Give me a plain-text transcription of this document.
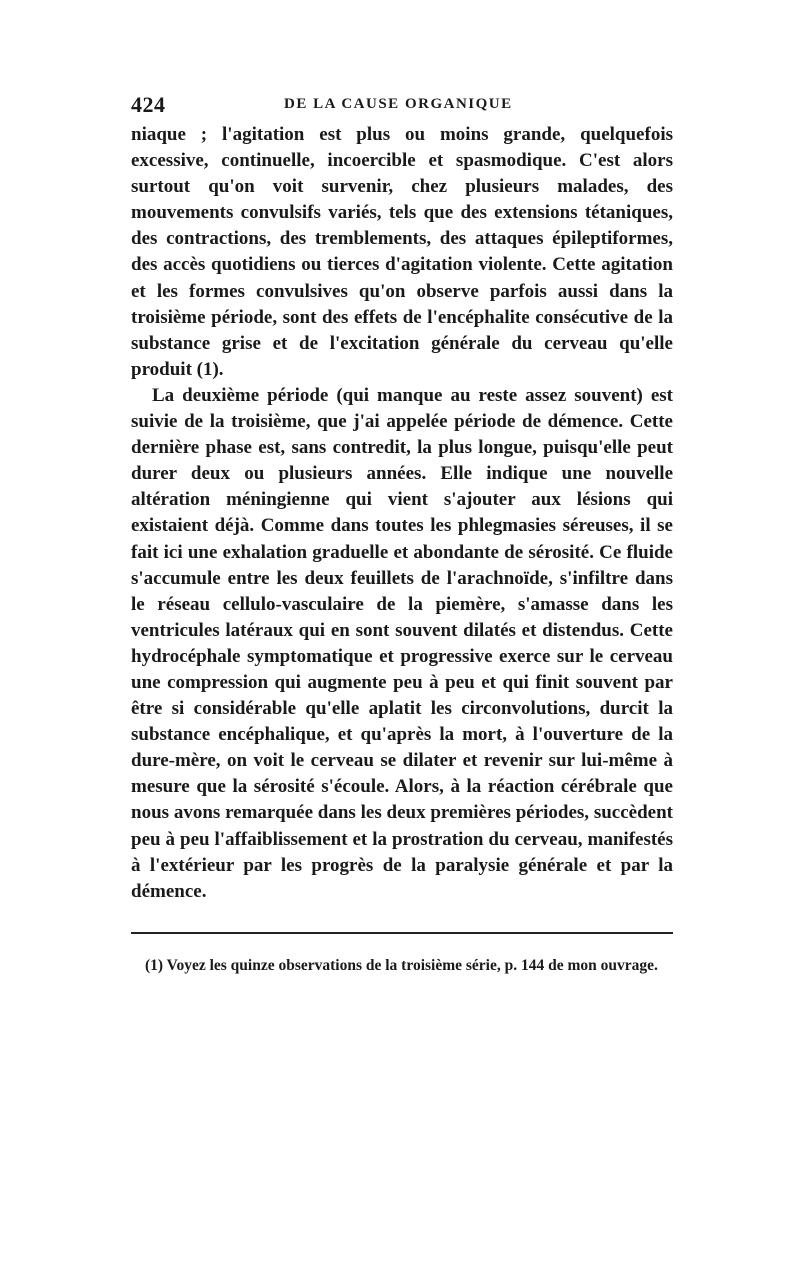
424	DE LA CAUSE ORGANIQUE

niaque ; l'agitation est plus ou moins grande, quelquefois excessive, continuelle, incoercible et spasmodique. C'est alors surtout qu'on voit survenir, chez plusieurs malades, des mouvements convulsifs variés, tels que des extensions tétaniques, des contractions, des tremblements, des attaques épileptiformes, des accès quotidiens ou tierces d'agitation violente. Cette agitation et les formes convulsives qu'on observe parfois aussi dans la troisième période, sont des effets de l'encéphalite consécutive de la substance grise et de l'excitation générale du cerveau qu'elle produit (1).

La deuxième période (qui manque au reste assez souvent) est suivie de la troisième, que j'ai appelée période de démence. Cette dernière phase est, sans contredit, la plus longue, puisqu'elle peut durer deux ou plusieurs années. Elle indique une nouvelle altération méningienne qui vient s'ajouter aux lésions qui existaient déjà. Comme dans toutes les phlegmasies séreuses, il se fait ici une exhalation graduelle et abondante de sérosité. Ce fluide s'accumule entre les deux feuillets de l'arachnoïde, s'infiltre dans le réseau cellulo-vasculaire de la piemère, s'amasse dans les ventricules latéraux qui en sont souvent dilatés et distendus. Cette hydrocéphale symptomatique et progressive exerce sur le cerveau une compression qui augmente peu à peu et qui finit souvent par être si considérable qu'elle aplatit les circonvolutions, durcit la substance encéphalique, et qu'après la mort, à l'ouverture de la dure-mère, on voit le cerveau se dilater et revenir sur lui-même à mesure que la sérosité s'écoule. Alors, à la réaction cérébrale que nous avons remarquée dans les deux premières périodes, succèdent peu à peu l'affaiblissement et la prostration du cerveau, manifestés à l'extérieur par les progrès de la paralysie générale et par la démence.

(1) Voyez les quinze observations de la troisième série, p. 144 de mon ouvrage.
